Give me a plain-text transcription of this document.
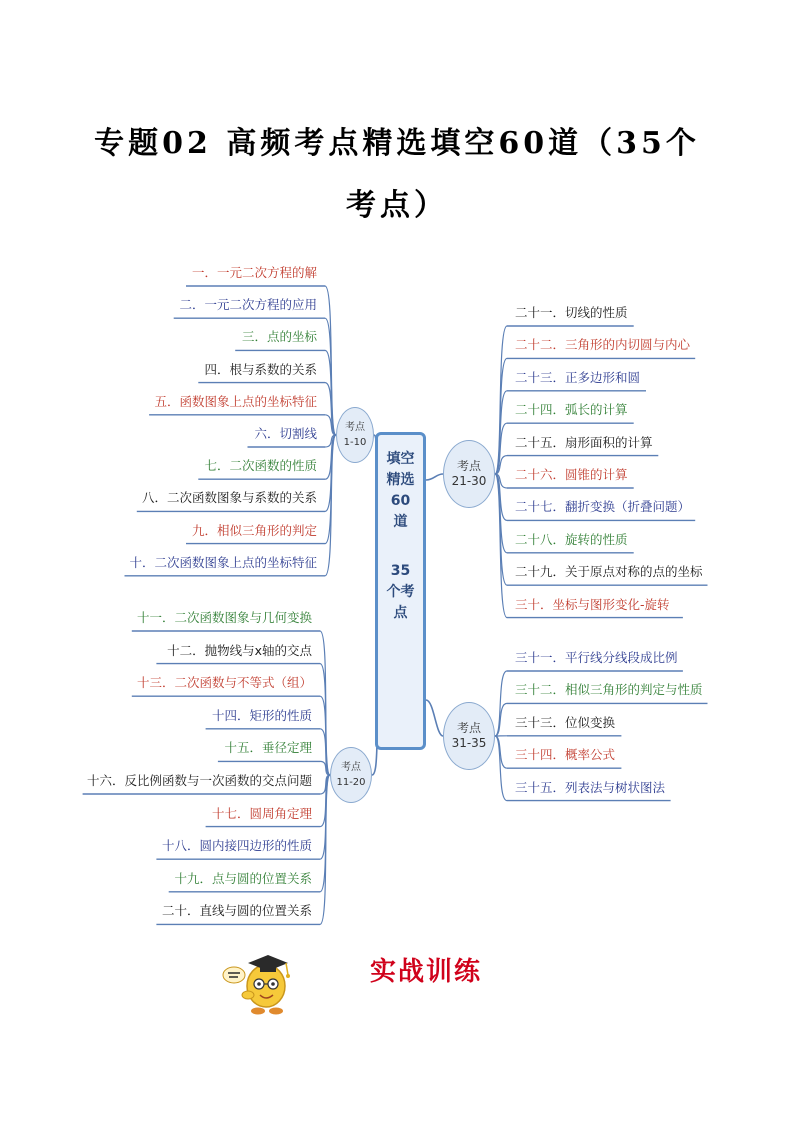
专题02 高频考点精选填空60道（35个
考点）
填空精选60道
35个考点
考点
1-10
考点
11-20
考点
21-30
考点
31-35
一．一元二次方程的解
二．一元二次方程的应用
三．点的坐标
四．根与系数的关系
五．函数图象上点的坐标特征
六．切割线
七．二次函数的性质
八．二次函数图象与系数的关系
九．相似三角形的判定
十．二次函数图象上点的坐标特征
十一．二次函数图象与几何变换
十二．抛物线与x轴的交点
十三．二次函数与不等式（组）
十四．矩形的性质
十五．垂径定理
十六．反比例函数与一次函数的交点问题
十七．圆周角定理
十八．圆内接四边形的性质
十九．点与圆的位置关系
二十．直线与圆的位置关系
二十一．切线的性质
二十二．三角形的内切圆与内心
二十三．正多边形和圆
二十四．弧长的计算
二十五．扇形面积的计算
二十六．圆锥的计算
二十七．翻折变换（折叠问题）
二十八．旋转的性质
二十九．关于原点对称的点的坐标
三十．坐标与图形变化-旋转
三十一．平行线分线段成比例
三十二．相似三角形的判定与性质
三十三．位似变换
三十四．概率公式
三十五．列表法与树状图法
实战训练
